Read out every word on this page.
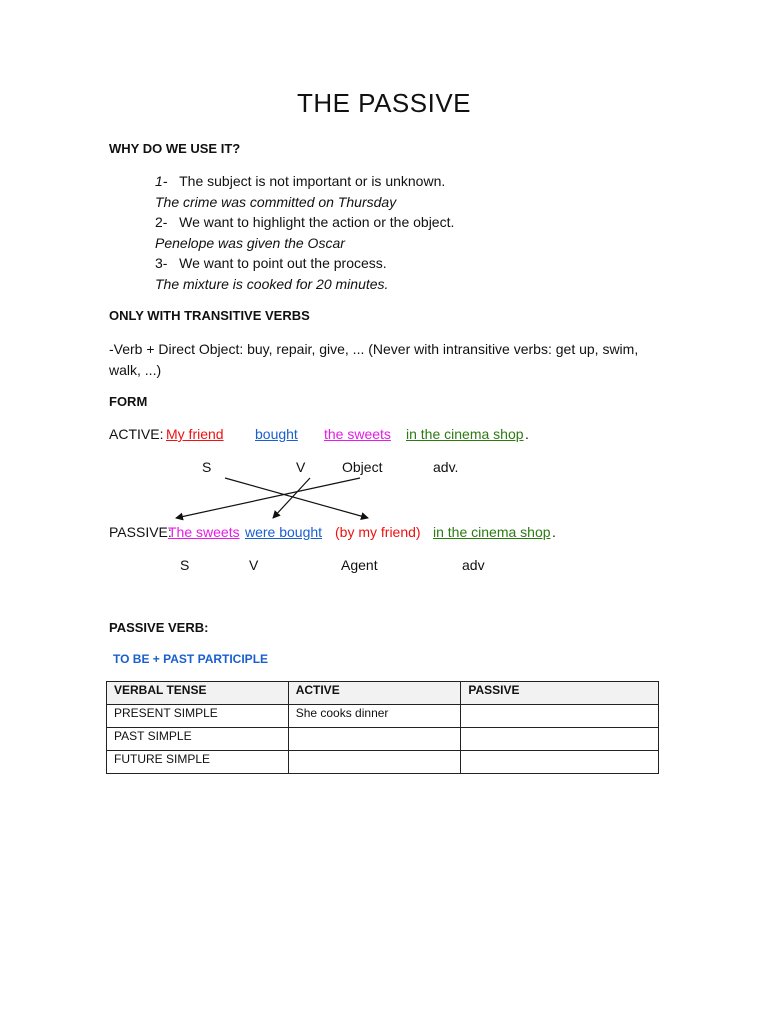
THE PASSIVE
WHY DO WE USE IT?
1- The subject is not important or is unknown.
The crime was committed on Thursday
2- We want to highlight the action or the object.
Penelope was given the Oscar
3- We want to point out the process.
The mixture is cooked for 20 minutes.
ONLY WITH TRANSITIVE VERBS
-Verb + Direct Object: buy, repair, give, ... (Never with intransitive verbs: get up, swim,
walk, ...)
FORM
ACTIVE: My friend bought the sweets in the cinema shop .
S	V	Object	adv.
PASSIVE:
The sweets were bought (by my friend) in the cinema shop .
S	V	Agent	adv
PASSIVE VERB:
TO BE + PAST PARTICIPLE
VERBAL TENSE	ACTIVE	PASSIVE
PRESENT SIMPLE	She cooks dinner	
PAST SIMPLE		
FUTURE SIMPLE		
